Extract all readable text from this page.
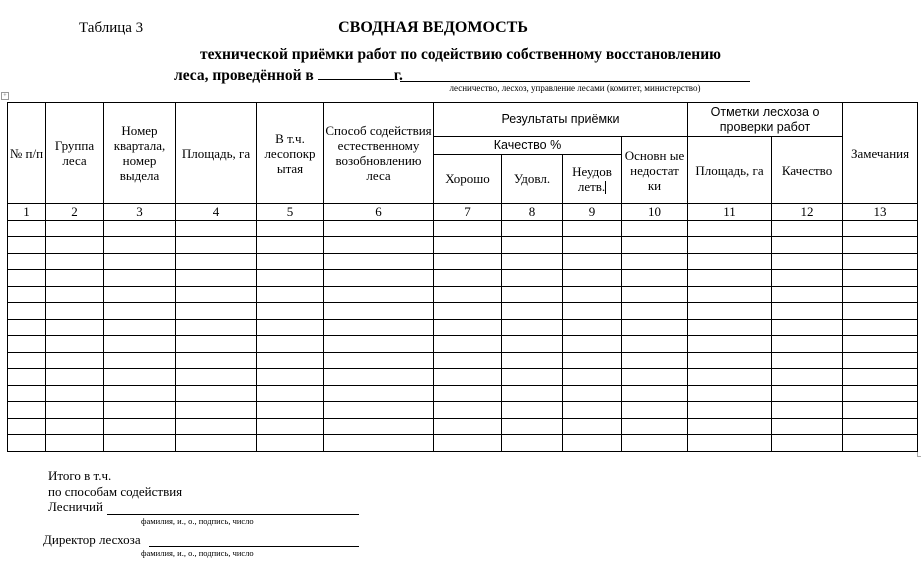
Таблица 3	СВОДНАЯ ВЕДОМОСТЬ
технической приёмки работ по содействию собственному восстановлению
леса, проведённой в	г.
лесничество, лесхоз, управление лесами (комитет, министерство)
+
№ п/п	Группа леса	Номер квартала, номер выдела	Площадь, га	В т.ч. лесопокр ытая	Способ содействия естественному возобновлению леса	Результаты приёмки				Отметки лесхоза о проверки работ		Замечания
						Качество %			Основн ые недостат ки	Площадь, га	Качество	
						Хорошо	Удовл.	Неудов летв.				
1	2	3	4	5	6	7	8	9	10	11	12	13

Итого в т.ч.
по способам содействия
Лесничий
фамилия, и., о., подпись, число
Директор лесхоза
фамилия, и., о., подпись, число
